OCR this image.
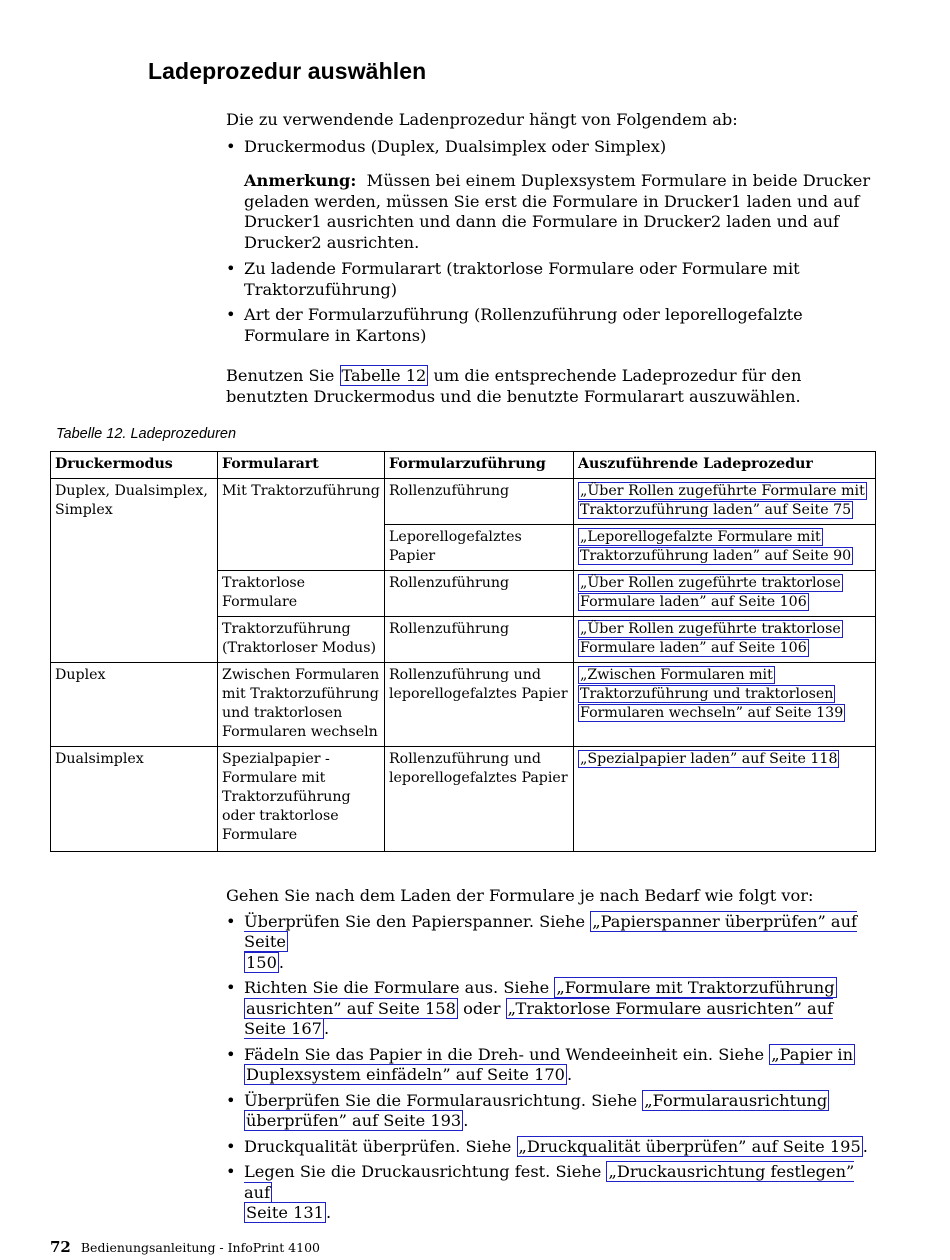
Ladeprozedur auswählen

Die zu verwendende Ladenprozedur hängt von Folgendem ab:

• Druckermodus (Duplex, Dualsimplex oder Simplex)
Anmerkung: Müssen bei einem Duplexsystem Formulare in beide Drucker geladen werden, müssen Sie erst die Formulare in Drucker1 laden und auf Drucker1 ausrichten und dann die Formulare in Drucker2 laden und auf Drucker2 ausrichten.
• Zu ladende Formularart (traktorlose Formulare oder Formulare mit Traktorzuführung)
• Art der Formularzuführung (Rollenzuführung oder leporellogefalzte Formulare in Kartons)

Benutzen Sie Tabelle 12 um die entsprechende Ladeprozedur für den benutzten Druckermodus und die benutzte Formularart auszuwählen.

Tabelle 12. Ladeprozeduren
Druckermodus	Formularart	Formularzuführung	Auszuführende Ladeprozedur
Duplex, Dualsimplex, Simplex	Mit Traktorzuführung	Rollenzuführung	„Über Rollen zugeführte Formulare mit
Traktorzuführung laden” auf Seite 75
		Leporellogefalztes Papier	„Leporellogefalzte Formulare mit
Traktorzuführung laden” auf Seite 90
	Traktorlose Formulare	Rollenzuführung	„Über Rollen zugeführte traktorlose
Formulare laden” auf Seite 106
	Traktorzuführung (Traktorloser Modus)	Rollenzuführung	„Über Rollen zugeführte traktorlose
Formulare laden” auf Seite 106
Duplex	Zwischen Formularen mit Traktorzuführung und traktorlosen Formularen wechseln	Rollenzuführung und leporellogefalztes Papier	„Zwischen Formularen mit
Traktorzuführung und traktorlosen
Formularen wechseln” auf Seite 139
Dualsimplex	Spezialpapier - Formulare mit Traktorzuführung oder traktorlose Formulare	Rollenzuführung und leporellogefalztes Papier	„Spezialpapier laden” auf Seite 118

Gehen Sie nach dem Laden der Formulare je nach Bedarf wie folgt vor:

• Überprüfen Sie den Papierspanner. Siehe „Papierspanner überprüfen” auf Seite
150 .
• Richten Sie die Formulare aus. Siehe „Formulare mit Traktorzuführung
ausrichten” auf Seite 158 oder „Traktorlose Formulare ausrichten” auf Seite 167 .
• Fädeln Sie das Papier in die Dreh- und Wendeeinheit ein. Siehe „Papier in
Duplexsystem einfädeln” auf Seite 170 .
• Überprüfen Sie die Formularausrichtung. Siehe „Formularausrichtung
überprüfen” auf Seite 193 .
• Druckqualität überprüfen. Siehe „Druckqualität überprüfen” auf Seite 195 .
• Legen Sie die Druckausrichtung fest. Siehe „Druckausrichtung festlegen” auf
Seite 131 .
72 Bedienungsanleitung - InfoPrint 4100
